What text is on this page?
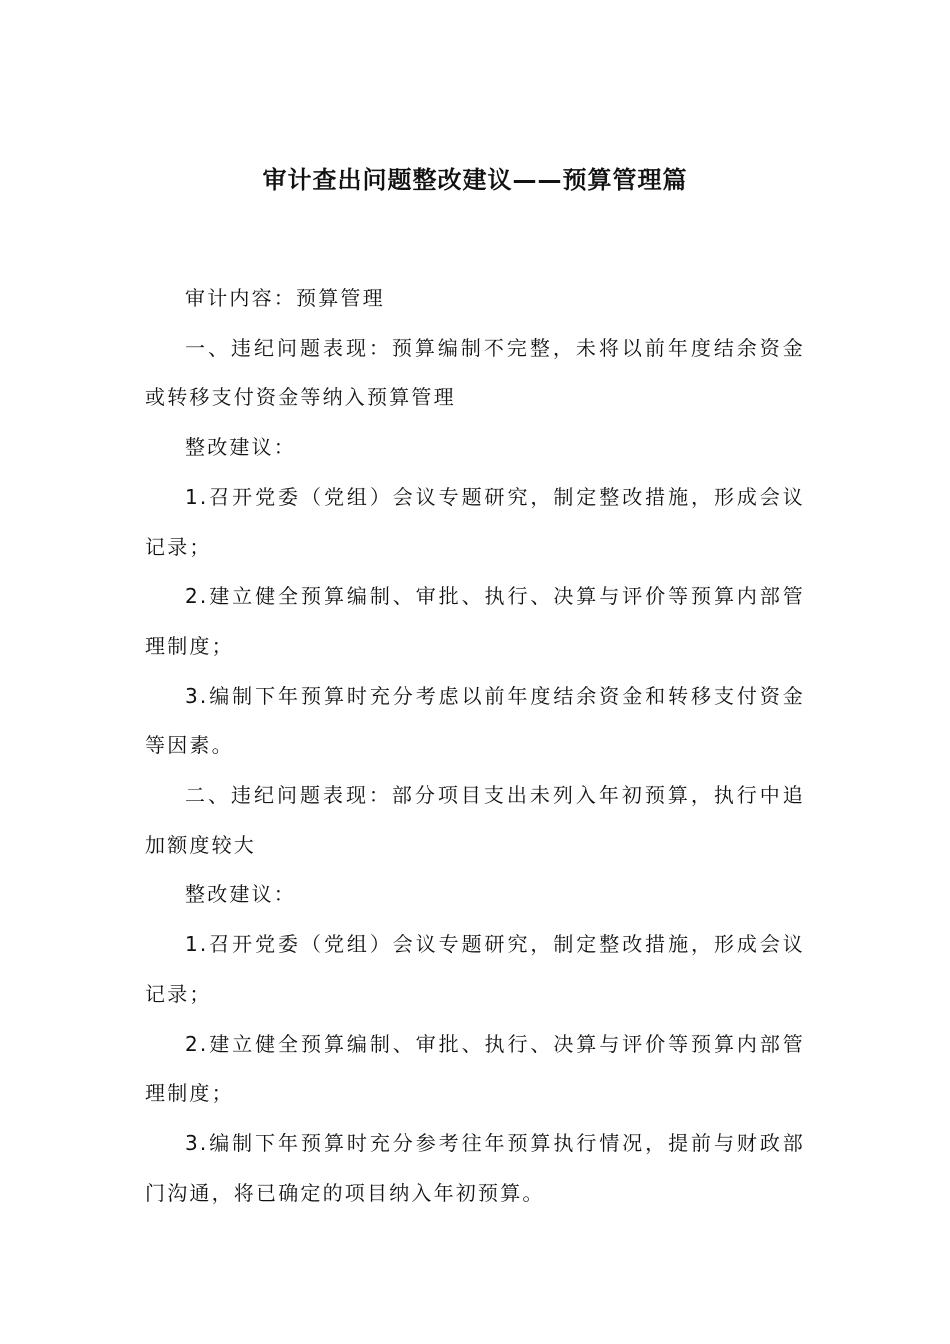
审计查出问题整改建议——预算管理篇

审计内容：预算管理

一、违纪问题表现：预算编制不完整，未将以前年度结余资金或转移支付资金等纳入预算管理

整改建议：

1.召开党委（党组）会议专题研究，制定整改措施，形成会议记录；

2.建立健全预算编制、审批、执行、决算与评价等预算内部管理制度；

3.编制下年预算时充分考虑以前年度结余资金和转移支付资金等因素。

二、违纪问题表现：部分项目支出未列入年初预算，执行中追加额度较大

整改建议：

1.召开党委（党组）会议专题研究，制定整改措施，形成会议记录；

2.建立健全预算编制、审批、执行、决算与评价等预算内部管理制度；

3.编制下年预算时充分参考往年预算执行情况，提前与财政部门沟通，将已确定的项目纳入年初预算。
